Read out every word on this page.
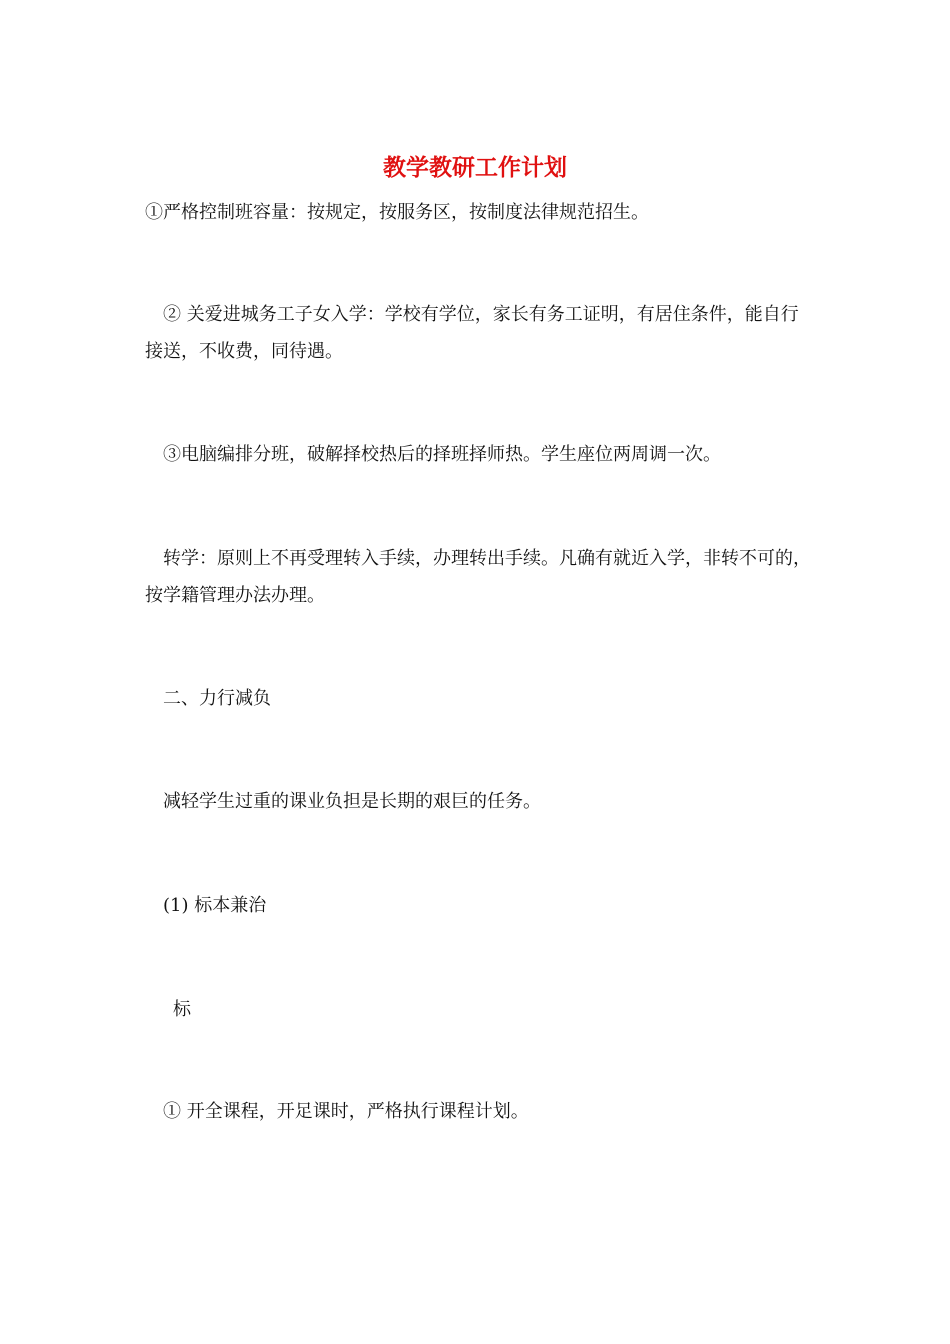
教学教研工作计划

①严格控制班容量：按规定，按服务区，按制度法律规范招生。

② 关爱进城务工子女入学：学校有学位，家长有务工证明，有居住条件，能自行接送，不收费，同待遇。

③电脑编排分班，破解择校热后的择班择师热。学生座位两周调一次。

转学：原则上不再受理转入手续，办理转出手续。凡确有就近入学，非转不可的，按学籍管理办法办理。

二、力行减负

减轻学生过重的课业负担是长期的艰巨的任务。

(1) 标本兼治

标

① 开全课程，开足课时，严格执行课程计划。
